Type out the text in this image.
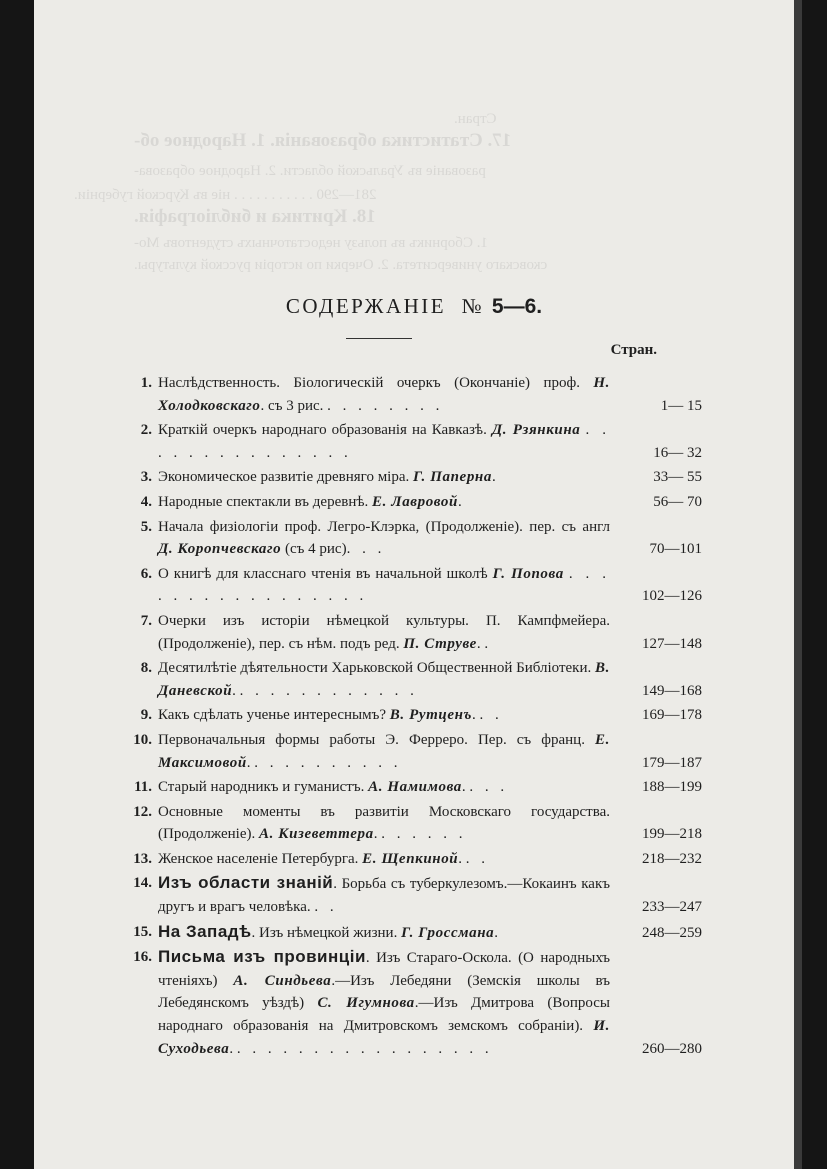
Стран.
17. Статистика образованія. 1. Народное об-
разованіе въ Уральской области. 2. Народное образова-
281—290 . . . . . . . . . . . ніе въ Курской губерніи.
18. Критика и библіографія.
1. Сборникъ въ пользу недостаточныхъ студентовъ Мо-
сковскаго университета. 2. Очерки по исторіи русской культуры.
СОДЕРЖАНІЕ № 5—6.
Стран.
1. Наслѣдственность. Біологическій очеркъ (Окончаніе) проф. Н. Холодковскаго. съ 3 рис. . . . . . . . .	1— 15
2. Краткій очеркъ народнаго образованія на Кавказѣ. Д. Рзянкина . . . . . . . . . . . . . . .	16— 32
3. Экономическое развитіе древняго міра. Г. Паперна.	33— 55
4. Народные спектакли въ деревнѣ. Е. Лавровой.	56— 70
5. Начала физіологіи проф. Легро-Клэрка, (Продолженіе). пер. съ англ Д. Коропчевскаго (съ 4 рис). . .	70—101
6. О книгѣ для класснаго чтенія въ начальной школѣ Г. Попова . . . . . . . . . . . . . . . . .	102—126
7. Очерки изъ исторіи нѣмецкой культуры. П. Кампфмейера. (Продолженіе), пер. съ нѣм. подъ ред. П. Струве. .	127—148
8. Десятилѣтіе дѣятельности Харьковской Общественной Библіотеки. В. Даневской. . . . . . . . . . . . .	149—168
9. Какъ сдѣлать ученье интереснымъ? В. Рутценъ. . .	169—178
10. Первоначальныя формы работы Э. Ферреро. Пер. съ франц. Е. Максимовой. . . . . . . . . . .	179—187
11. Старый народникъ и гуманистъ. А. Намимова. . . .	188—199
12. Основные моменты въ развитіи Московскаго государства. (Продолженіе). А. Кизеветтера. . . . . . .	199—218
13. Женское населеніе Петербурга. Е. Щепкиной. . .	218—232
14. Изъ области знаній. Борьба съ туберкулезомъ.—Кокаинъ какъ другъ и врагъ человѣка. . .	233—247
15. На Западѣ. Изъ нѣмецкой жизни. Г. Гроссмана.	248—259
16. Письма изъ провинціи. Изъ Стараго-Оскола. (О народныхъ чтеніяхъ) А. Синдьева.—Изъ Лебедяни (Земскія школы въ Лебедянскомъ уѣздѣ) С. Игумнова.—Изъ Дмитрова (Вопросы народнаго образованія на Дмитровскомъ земскомъ собраніи). И. Суходьева. . . . . . . . . . . . . . . . . .	260—280
